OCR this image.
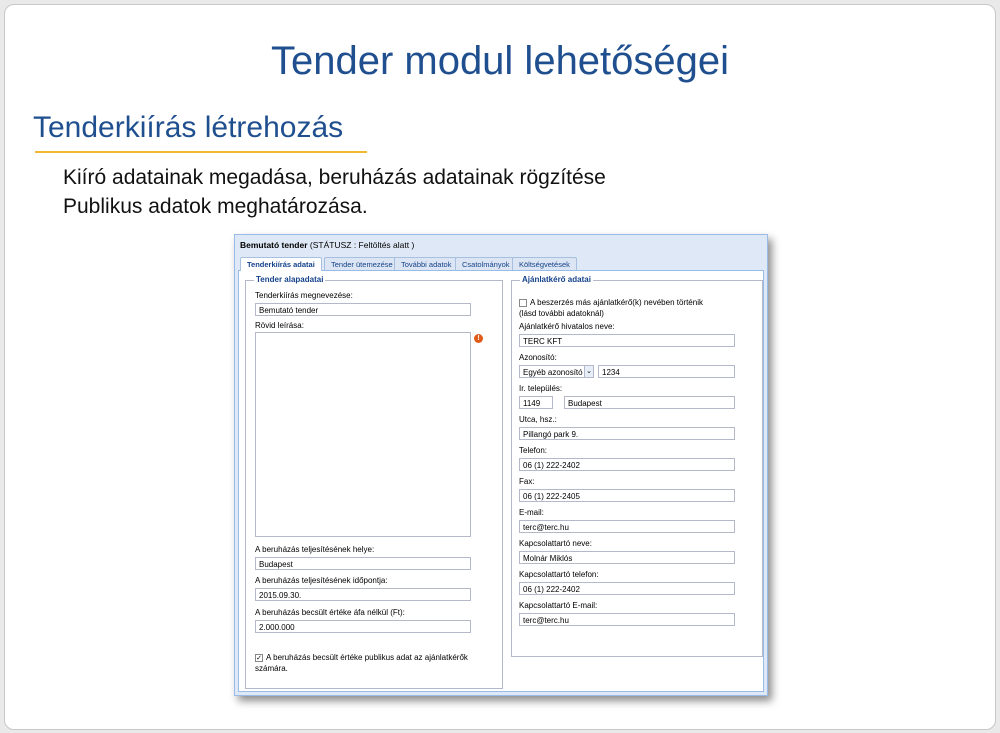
Tender modul lehetőségei
Tenderkiírás létrehozás
Kiíró adatainak megadása, beruházás adatainak rögzítése
Publikus adatok meghatározása.
Bemutató tender (STÁTUSZ : Feltöltés alatt )
Tenderkiírás adatai	Tender ütemezése	További adatok	Csatolmányok	Költségvetések
Tender alapadatai
Tenderkiírás megnevezése:
Bemutató tender
Rövid leírása:
!
A beruházás teljesítésének helye:
Budapest
A beruházás teljesítésének időpontja:
2015.09.30.
A beruházás becsült értéke áfa nélkül (Ft):
2.000.000
✓ A beruházás becsült értéke publikus adat az ajánlatkérők
számára.
Ajánlatkérő adatai
A beszerzés más ajánlatkérő(k) nevében történik
(lásd további adatoknál)
Ajánlatkérő hivatalos neve:
TERC KFT
Azonosító:
Egyéb azonosító ⌄	1234
Ir. település:
1149	Budapest
Utca, hsz.:
Pillangó park 9.
Telefon:
06 (1) 222-2402
Fax:
06 (1) 222-2405
E-mail:
terc@terc.hu
Kapcsolattartó neve:
Molnár Miklós
Kapcsolattartó telefon:
06 (1) 222-2402
Kapcsolattartó E-mail:
terc@terc.hu
